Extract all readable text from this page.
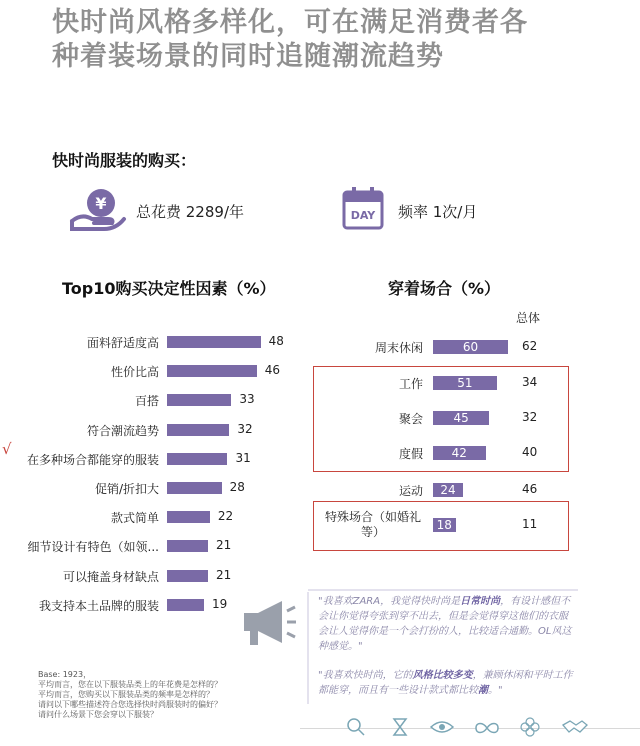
快时尚风格多样化，可在满足消费者各
种着装场景的同时追随潮流趋势
快时尚服装的购买：
¥ 总花费 2289/年	DAY	频率 1次/月
Top10购买决定性因素（%）
√
穿着场合（%）
总体
"我喜欢ZARA，我觉得快时尚是日常时尚，有设计感但不会让你觉得夸张到穿不出去，但是会觉得穿这他们的衣服会让人觉得你是一个会打扮的人，比较适合通勤。OL风这种感觉。"
"我喜欢快时尚，它的风格比较多变，兼顾休闲和平时工作都能穿，而且有一些设计款式都比较潮。"
Base: 1923，
平均而言，您在以下服装品类上的年花费是怎样的？
平均而言，您购买以下服装品类的频率是怎样的？
请问以下哪些描述符合您选择快时尚服装时的偏好？
请问什么场景下您会穿以下服装？
面料舒适度高	48
性价比高	46
百搭	33
符合潮流趋势	32
在多种场合都能穿的服装	31
促销/折扣大	28
款式简单	22
细节设计有特色（如领...	21
可以掩盖身材缺点	21
我支持本土品牌的服装	19
周末休闲	60	62
工作	51	34
聚会	45	32
度假	42	40
运动	24	46
特殊场合（如婚礼等）	18	11
